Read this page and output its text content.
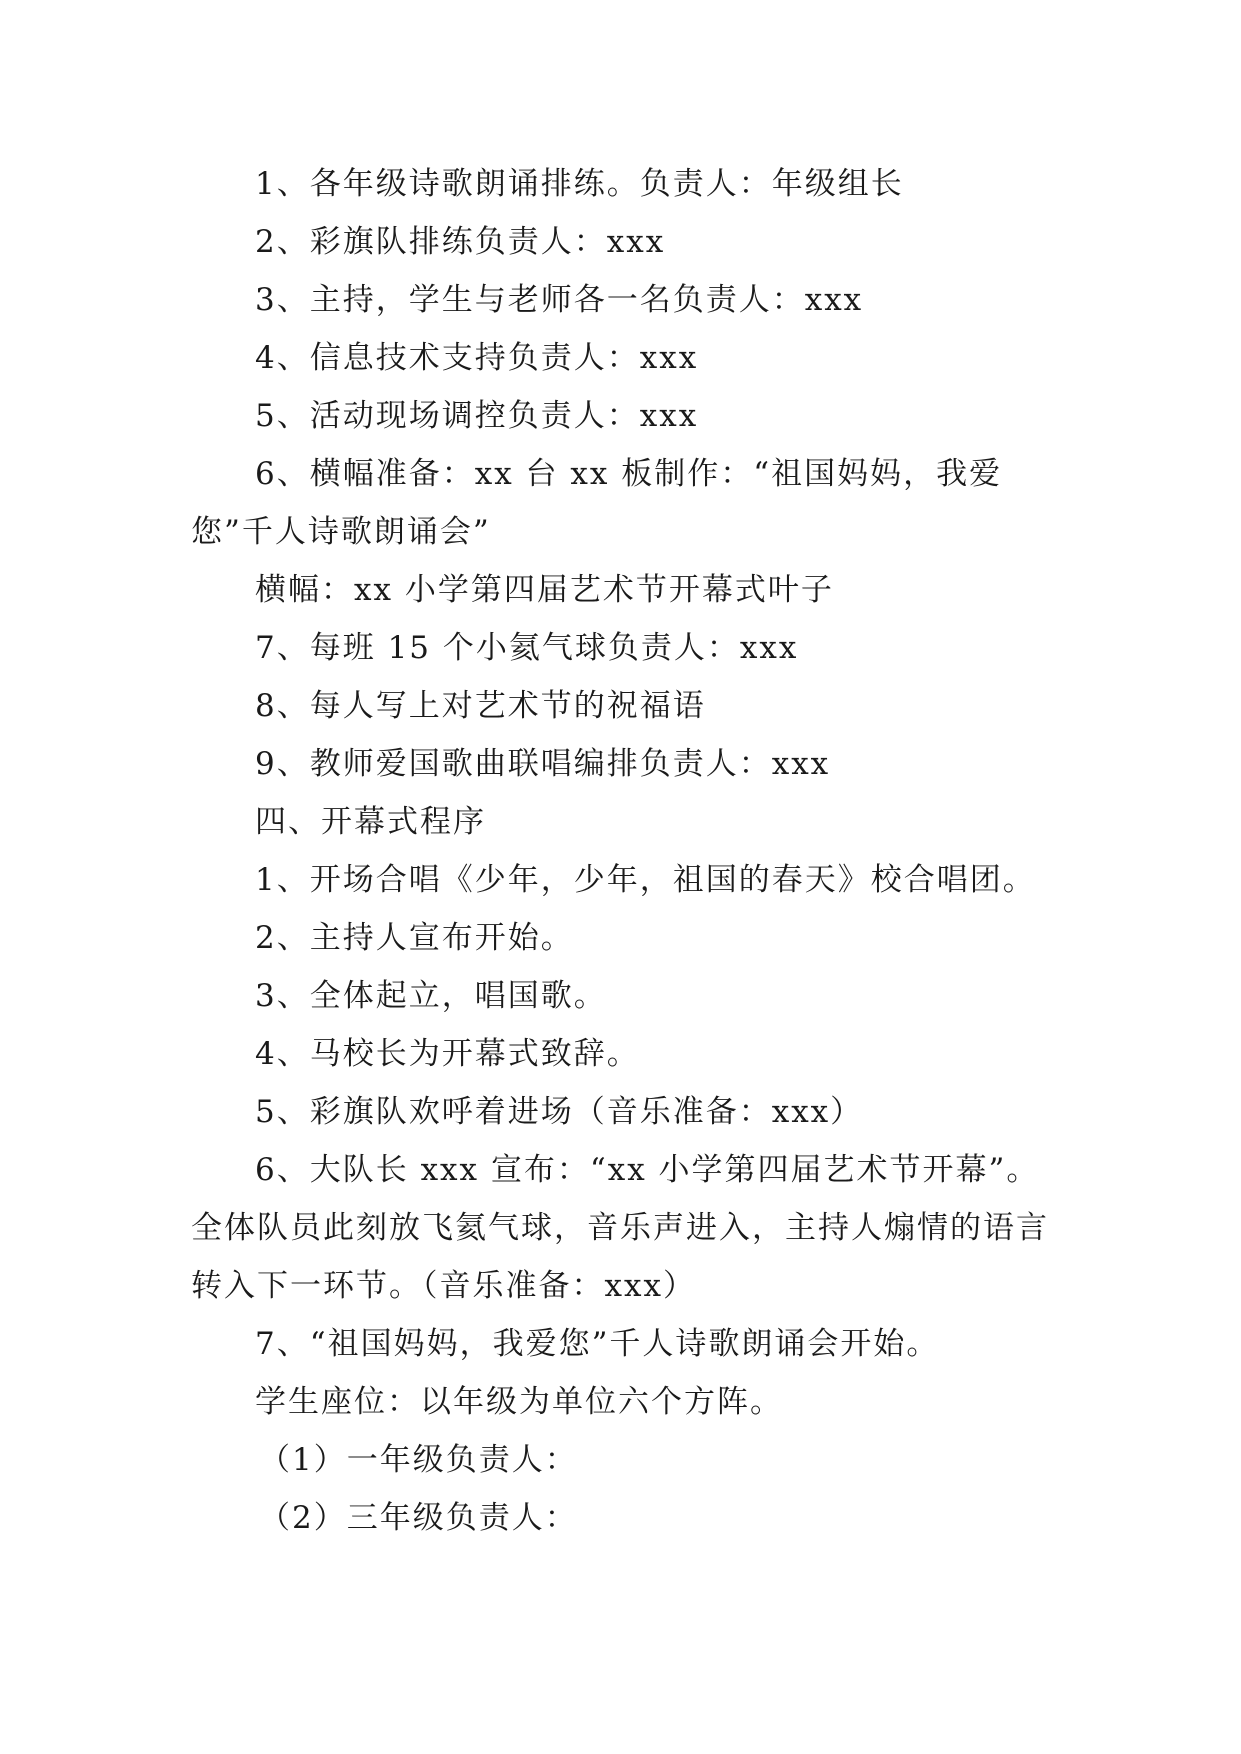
1、各年级诗歌朗诵排练。负责人：年级组长

2、彩旗队排练负责人：xxx

3、主持，学生与老师各一名负责人：xxx

4、信息技术支持负责人：xxx

5、活动现场调控负责人：xxx

6、横幅准备：xx 台 xx 板制作：“祖国妈妈，我爱您”千人诗歌朗诵会”

横幅：xx 小学第四届艺术节开幕式叶子

7、每班 15 个小氦气球负责人：xxx

8、每人写上对艺术节的祝福语

9、教师爱国歌曲联唱编排负责人：xxx

四、开幕式程序

1、开场合唱《少年，少年，祖国的春天》校合唱团。

2、主持人宣布开始。

3、全体起立，唱国歌。

4、马校长为开幕式致辞。

5、彩旗队欢呼着进场（音乐准备：xxx）

6、大队长 xxx 宣布：“xx 小学第四届艺术节开幕”。全体队员此刻放飞氦气球，音乐声进入，主持人煽情的语言转入下一环节。（音乐准备：xxx）

7、“祖国妈妈，我爱您”千人诗歌朗诵会开始。

学生座位：以年级为单位六个方阵。

（1）一年级负责人：

（2）三年级负责人：
